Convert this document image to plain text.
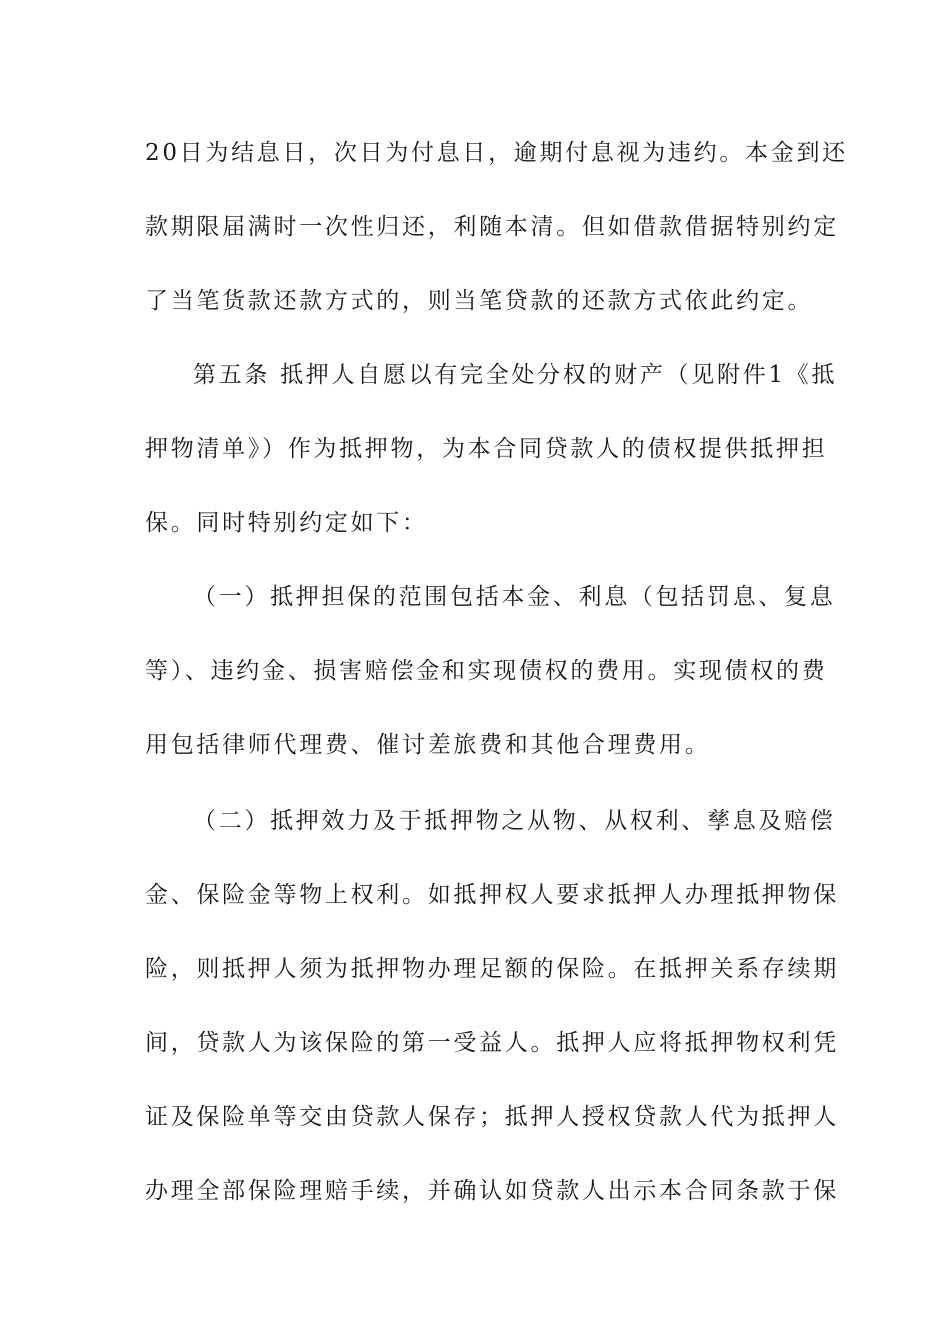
20日为结息日，次日为付息日，逾期付息视为违约。本金到还
款期限届满时一次性归还，利随本清。但如借款借据特别约定
了当笔货款还款方式的，则当笔贷款的还款方式依此约定。
第五条 抵押人自愿以有完全处分权的财产（见附件1《抵
押物清单》）作为抵押物，为本合同贷款人的债权提供抵押担
保。同时特别约定如下：
（一）抵押担保的范围包括本金、利息（包括罚息、复息
等）、违约金、损害赔偿金和实现债权的费用。实现债权的费
用包括律师代理费、催讨差旅费和其他合理费用。
（二）抵押效力及于抵押物之从物、从权利、孳息及赔偿
金、保险金等物上权利。如抵押权人要求抵押人办理抵押物保
险，则抵押人须为抵押物办理足额的保险。在抵押关系存续期
间，贷款人为该保险的第一受益人。抵押人应将抵押物权利凭
证及保险单等交由贷款人保存；抵押人授权贷款人代为抵押人
办理全部保险理赔手续，并确认如贷款人出示本合同条款于保
